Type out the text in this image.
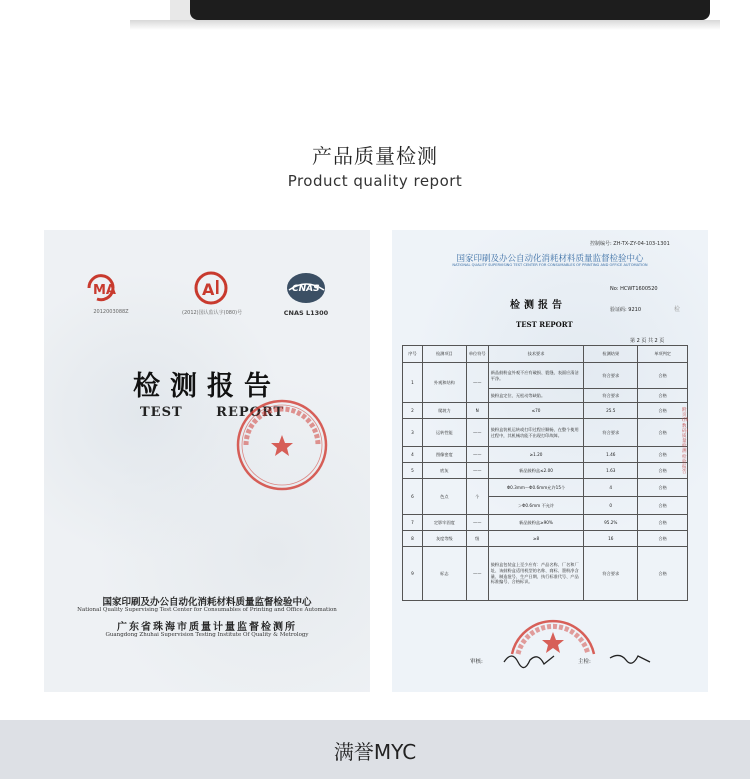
产品质量检测
Product quality report
MA
2012003088Z
A
(2012)国认监认字(080)号
CNAS
CNAS L1300
检测报告
TEST REPORT
国家印刷及办公自动化消耗材料质量监督检验中心
National Quality Supervising Test Center for Consumables of Printing and Office Automation
广东省珠海市质量计量监督检测所
Guangdong Zhuhai Supervision Testing Institute Of Quality & Metrology
控制编号: ZH-TX-ZY-04-103-1301
国家印刷及办公自动化消耗材料质量监督检验中心
NATIONAL QUALITY SUPERVISING TEST CENTER FOR CONSUMABLES OF PRINTING AND OFFICE AUTOMATION
No: HCWT1600520
检测报告	验证码: 9210	检
TEST REPORT
第 2 页 共 2 页
序号	检测项目	单位符号	技术要求	检测结果	单项判定
1	外观和结构	——	新品鼓粉盒外观不应有破损、裂缝，表面应清洁平净。	符合要求	合格
			鼓粉盒定位、无松动等缺陷。	符合要求	合格
2	爬坡力	N	≤70	25.5	合格
3	运转性能	——	鼓粉盒装机运转或打印过程应顺畅，在整个使用过程中，其机械功能不出现打印故障。	符合要求	合格
4	图像密度	——	≥1.20	1.46	合格
5	底灰	——	新品鼓粉盒≤2.00	1.63	合格
6	色点	个	Φ0.3mm～Φ0.6mm允许15个	4	合格
			＞Φ0.6mm 不允许	0	合格
7	定影牢固度	——	新品鼓粉盒≥90%	95.2%	合格
8	灰度等级	级	≥8	16	合格
9	标志	——	鼓粉盒包装盒上至少应有：产品名称、厂名和厂址、该鼓粉盒适用机型的名称、商标、墨粉净含量、制造批号、生产日期、执行标准代号、产品标准编号、合格标识。	符合要求	合格
附页 (钱数码)质量检测检验报告
审核:	主检:
满誉MYC
